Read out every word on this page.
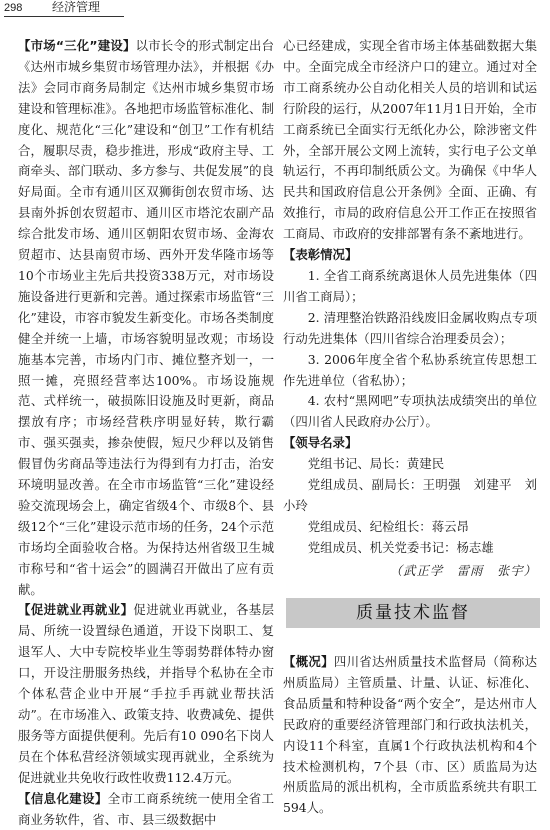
298 经济管理

【市场“三化”建设】以市长令的形式制定出台《达州市城乡集贸市场管理办法》，并根据《办法》会同市商务局制定《达州市城乡集贸市场建设和管理标准》。各地把市场监管标准化、制度化、规范化“三化”建设和“创卫”工作有机结合，履职尽责，稳步推进，形成“政府主导、工商牵头、部门联动、多方参与、共促发展”的良好局面。全市有通川区双狮街创农贸市场、达县南外拆创农贸超市、通川区市塔沱农副产品综合批发市场、通川区朝阳农贸市场、金海农贸超市、达县南贸市场、西外开发华隆市场等10个市场业主先后共投资338万元，对市场设施设备进行更新和完善。通过探索市场监管“三化”建设，市容市貌发生新变化。市场各类制度健全并统一上墙，市场容貌明显改观；市场设施基本完善，市场内门市、摊位整齐划一，一照一摊，亮照经营率达100%。市场设施规范、式样统一，破损陈旧设施及时更新，商品摆放有序；市场经营秩序明显好转，欺行霸市、强买强卖，掺杂使假，短尺少秤以及销售假冒伪劣商品等违法行为得到有力打击，治安环境明显改善。在全市市场监管“三化”建设经验交流现场会上，确定省级4个、市级8个、县级12个“三化”建设示范市场的任务，24个示范市场均全面验收合格。为保持达州省级卫生城市称号和“省十运会”的圆满召开做出了应有贡献。

【促进就业再就业】促进就业再就业，各基层局、所统一设置绿色通道，开设下岗职工、复退军人、大中专院校毕业生等弱势群体特办窗口，开设注册服务热线，并指导个私协在全市个体私营企业中开展“手拉手再就业帮扶活动”。在市场准入、政策支持、收费减免、提供服务等方面提供便利。先后有10 090名下岗人员在个体私营经济领域实现再就业，全系统为促进就业共免收行政性收费112.4万元。

【信息化建设】全市工商系统统一使用全省工商业务软件，省、市、县三级数据中

心已经建成，实现全省市场主体基础数据大集中。全面完成全市经济户口的建立。通过对全市工商系统办公自动化相关人员的培训和试运行阶段的运行，从2007年11月1日开始，全市工商系统已全面实行无纸化办公，除涉密文件外，全部开展公文网上流转，实行电子公文单轨运行，不再印制纸质公文。为确保《中华人民共和国政府信息公开条例》全面、正确、有效推行，市局的政府信息公开工作正在按照省工商局、市政府的安排部署有条不紊地进行。

【表彰情况】

1. 全省工商系统离退休人员先进集体（四川省工商局）；

2. 清理整治铁路沿线废旧金属收购点专项行动先进集体（四川省综合治理委员会）；

3. 2006年度全省个私协系统宣传思想工作先进单位（省私协）；

4. 农村“黑网吧”专项执法成绩突出的单位（四川省人民政府办公厅）。

【领导名录】

党组书记、局长：黄建民

党组成员、副局长：王明强　刘建平　刘小玲

党组成员、纪检组长：蒋云昂

党组成员、机关党委书记：杨志雄

（武正学　雷雨　张宇）
质量技术监督

【概况】四川省达州质量技术监督局（简称达州质监局）主管质量、计量、认证、标准化、食品质量和特种设备“两个安全”，是达州市人民政府的重要经济管理部门和行政执法机关，内设11个科室，直属1个行政执法机构和4个技术检测机构，7个县（市、区）质监局为达州质监局的派出机构，全市质监系统共有职工594人。
